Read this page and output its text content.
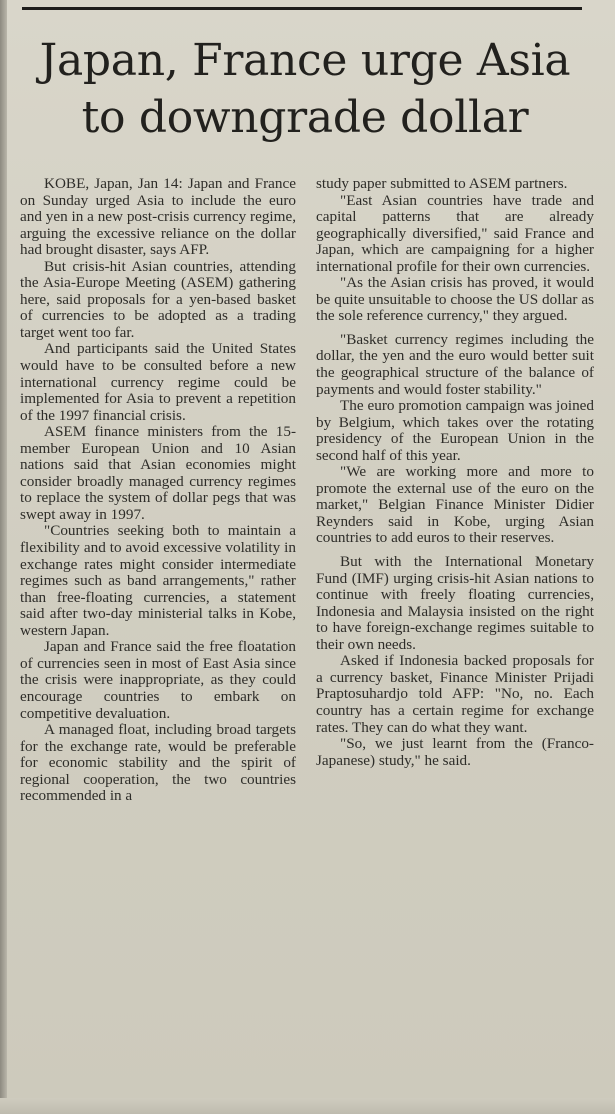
Japan, France urge Asia
to downgrade dollar

KOBE, Japan, Jan 14: Japan and France on Sunday urged Asia to include the euro and yen in a new post-crisis currency regime, arguing the excessive reliance on the dollar had brought disaster, says AFP.

But crisis-hit Asian countries, attending the Asia-Europe Meeting (ASEM) gathering here, said proposals for a yen-based basket of currencies to be adopted as a trading target went too far.

And participants said the United States would have to be consulted before a new international currency regime could be implemented for Asia to prevent a repetition of the 1997 financial crisis.

ASEM finance ministers from the 15-member European Union and 10 Asian nations said that Asian economies might consider broadly managed currency regimes to replace the system of dollar pegs that was swept away in 1997.

"Countries seeking both to maintain a flexibility and to avoid excessive volatility in exchange rates might consider intermediate regimes such as band arrangements," rather than free-floating currencies, a statement said after two-day ministerial talks in Kobe, western Japan.

Japan and France said the free floatation of currencies seen in most of East Asia since the crisis were inappropriate, as they could encourage countries to embark on competitive devaluation.

A managed float, including broad targets for the exchange rate, would be preferable for economic stability and the spirit of regional cooperation, the two countries recommended in a

study paper submitted to ASEM partners.

"East Asian countries have trade and capital patterns that are already geographically diversified," said France and Japan, which are campaigning for a higher international profile for their own currencies.

"As the Asian crisis has proved, it would be quite unsuitable to choose the US dollar as the sole reference currency," they argued.

"Basket currency regimes including the dollar, the yen and the euro would better suit the geographical structure of the balance of payments and would foster stability."

The euro promotion campaign was joined by Belgium, which takes over the rotating presidency of the European Union in the second half of this year.

"We are working more and more to promote the external use of the euro on the market," Belgian Finance Minister Didier Reynders said in Kobe, urging Asian countries to add euros to their reserves.

But with the International Monetary Fund (IMF) urging crisis-hit Asian nations to continue with freely floating currencies, Indonesia and Malaysia insisted on the right to have foreign-exchange regimes suitable to their own needs.

Asked if Indonesia backed proposals for a currency basket, Finance Minister Prijadi Praptosuhardjo told AFP: "No, no. Each country has a certain regime for exchange rates. They can do what they want.

"So, we just learnt from the (Franco-Japanese) study," he said.
